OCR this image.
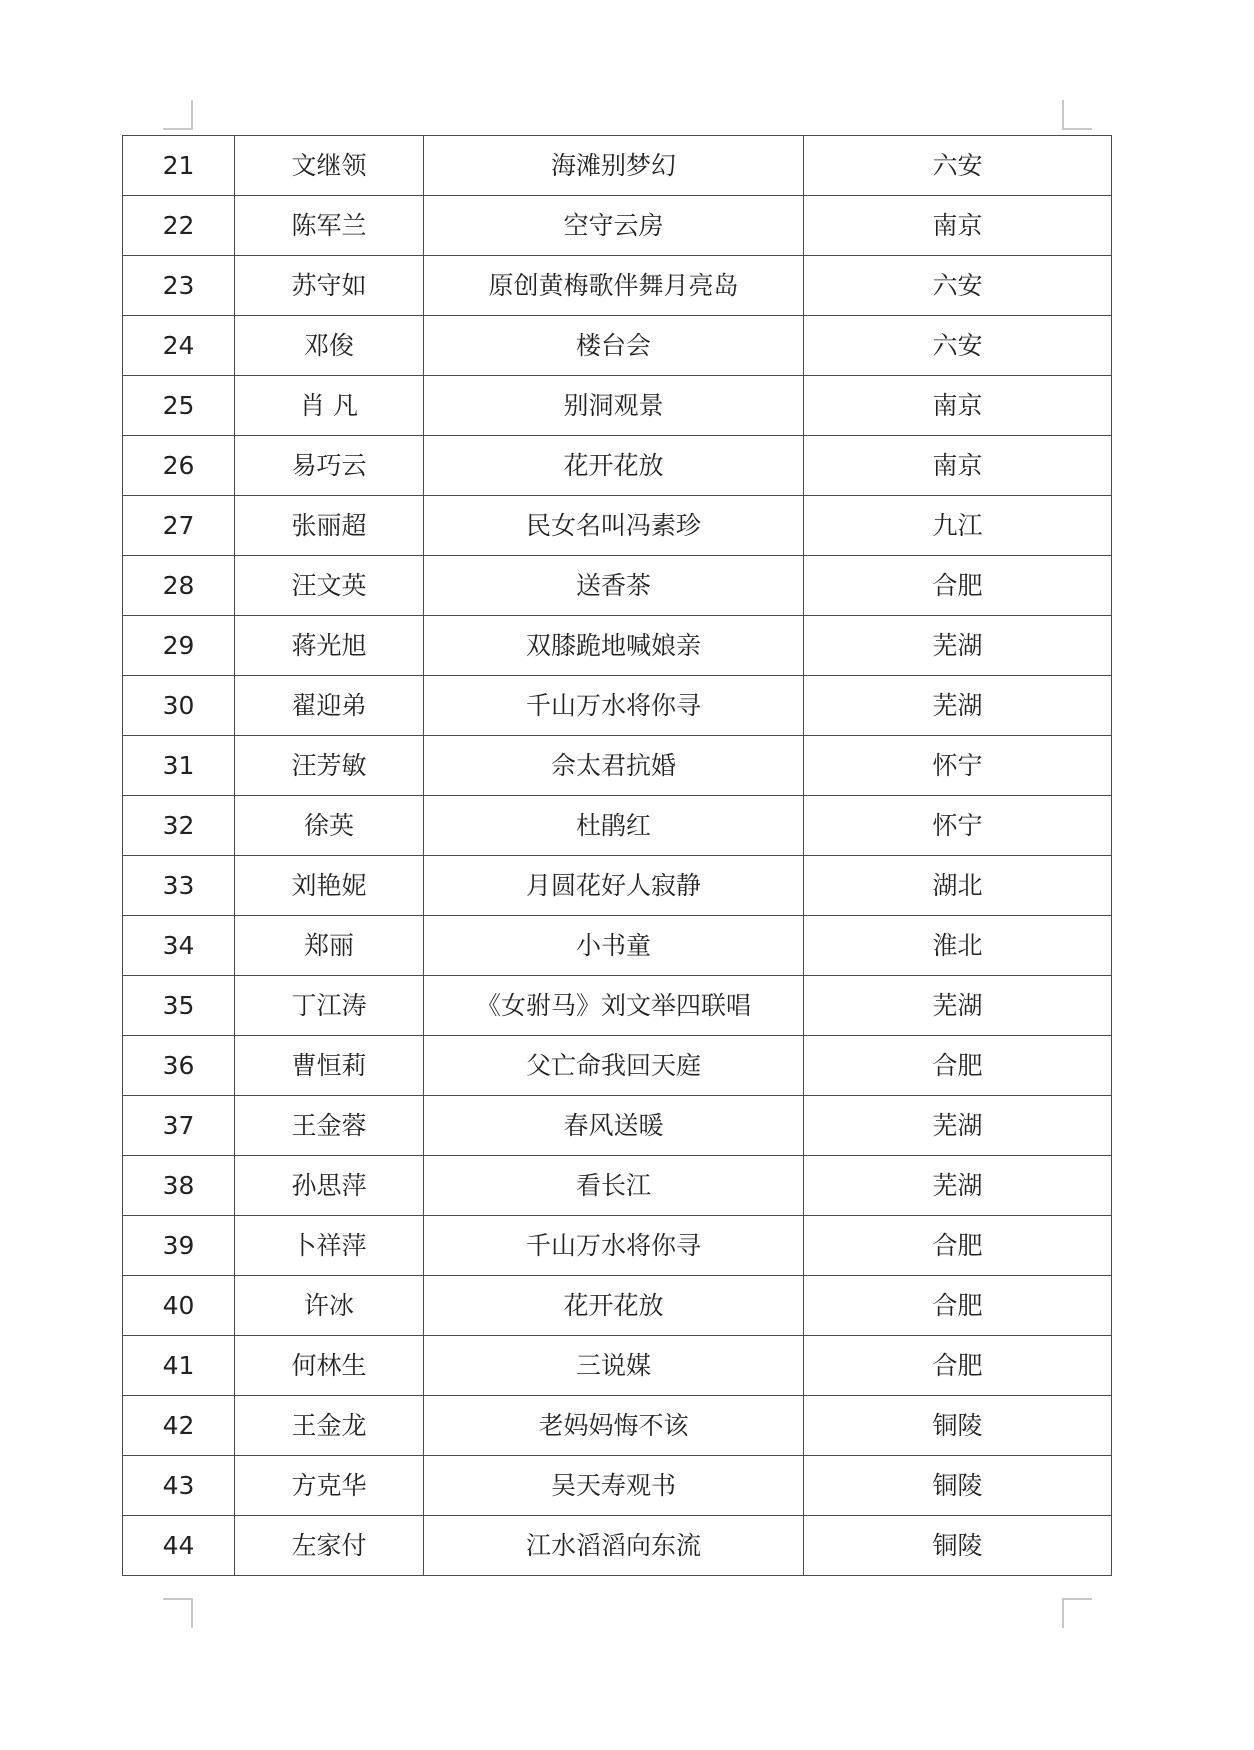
21	文继领	海滩别梦幻	六安
22	陈军兰	空守云房	南京
23	苏守如	原创黄梅歌伴舞月亮岛	六安
24	邓俊	楼台会	六安
25	肖 凡	别洞观景	南京
26	易巧云	花开花放	南京
27	张丽超	民女名叫冯素珍	九江
28	汪文英	送香茶	合肥
29	蒋光旭	双膝跪地喊娘亲	芜湖
30	翟迎弟	千山万水将你寻	芜湖
31	汪芳敏	佘太君抗婚	怀宁
32	徐英	杜鹃红	怀宁
33	刘艳妮	月圆花好人寂静	湖北
34	郑丽	小书童	淮北
35	丁江涛	《女驸马》刘文举四联唱	芜湖
36	曹恒莉	父亡命我回天庭	合肥
37	王金蓉	春风送暖	芜湖
38	孙思萍	看长江	芜湖
39	卜祥萍	千山万水将你寻	合肥
40	许冰	花开花放	合肥
41	何林生	三说媒	合肥
42	王金龙	老妈妈悔不该	铜陵
43	方克华	吴天寿观书	铜陵
44	左家付	江水滔滔向东流	铜陵
